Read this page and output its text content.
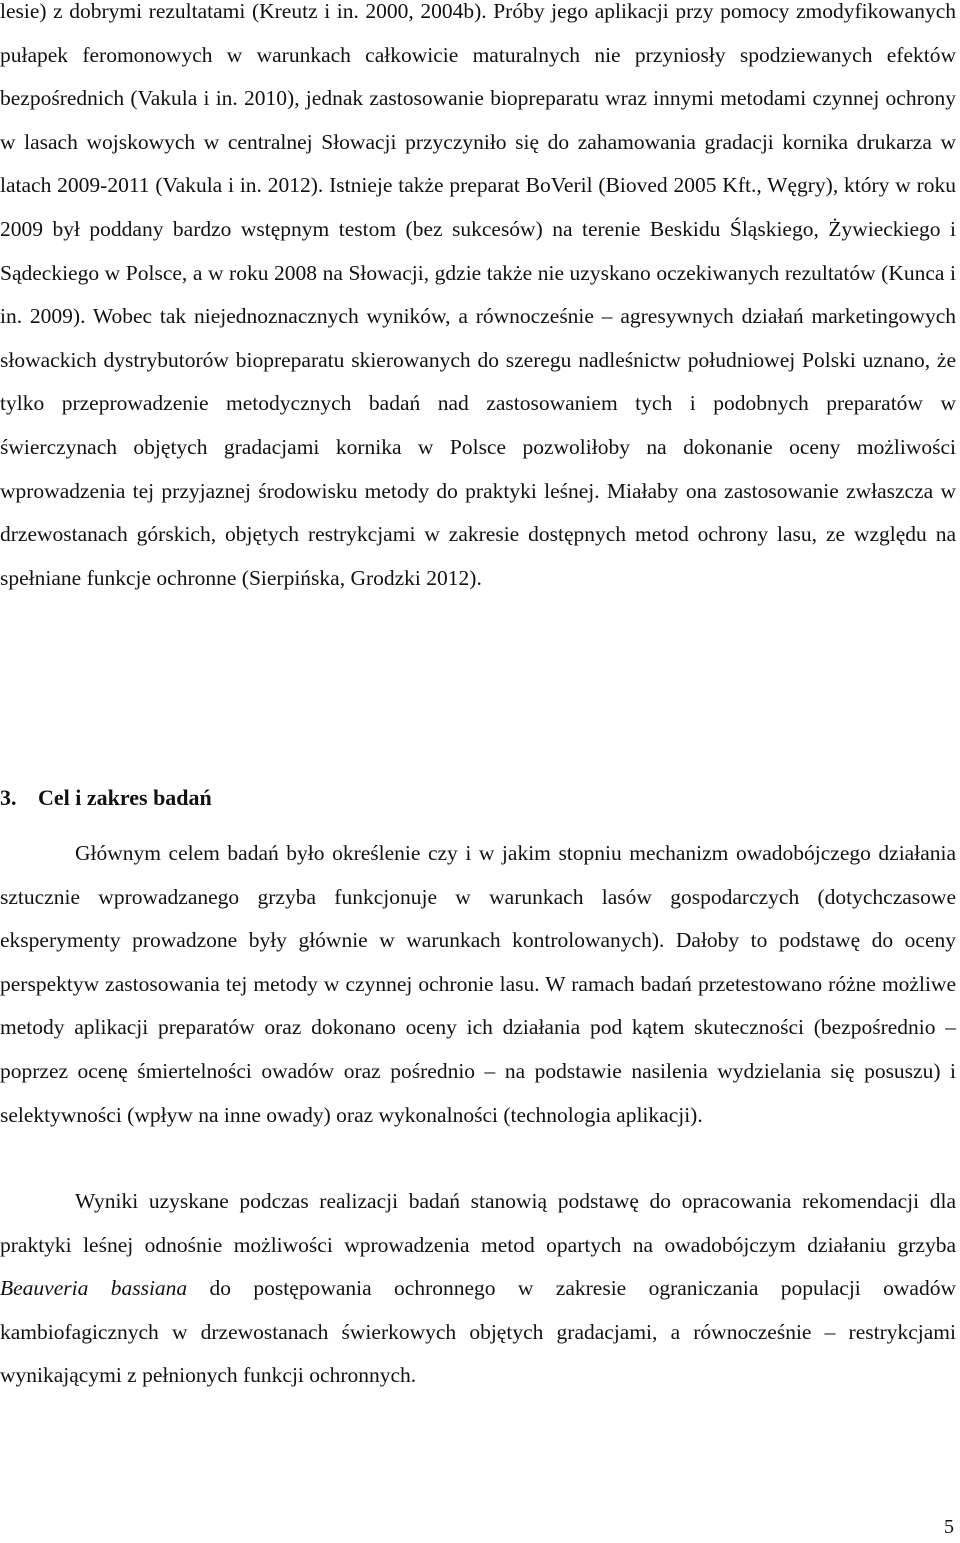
lesie) z dobrymi rezultatami (Kreutz i in. 2000, 2004b). Próby jego aplikacji przy pomocy zmodyfikowanych pułapek feromonowych w warunkach całkowicie maturalnych nie przyniosły spodziewanych efektów bezpośrednich (Vakula i in. 2010), jednak zastosowanie biopreparatu wraz innymi metodami czynnej ochrony w lasach wojskowych w centralnej Słowacji przyczyniło się do zahamowania gradacji kornika drukarza w latach 2009-2011 (Vakula i in. 2012). Istnieje także preparat BoVeril (Bioved 2005 Kft., Węgry), który w roku 2009 był poddany bardzo wstępnym testom (bez sukcesów) na terenie Beskidu Śląskiego, Żywieckiego i Sądeckiego w Polsce, a w roku 2008 na Słowacji, gdzie także nie uzyskano oczekiwanych rezultatów (Kunca i in. 2009). Wobec tak niejednoznacznych wyników, a równocześnie – agresywnych działań marketingowych słowackich dystrybutorów biopreparatu skierowanych do szeregu nadleśnictw południowej Polski uznano, że tylko przeprowadzenie metodycznych badań nad zastosowaniem tych i podobnych preparatów w świerczynach objętych gradacjami kornika w Polsce pozwoliłoby na dokonanie oceny możliwości wprowadzenia tej przyjaznej środowisku metody do praktyki leśnej. Miałaby ona zastosowanie zwłaszcza w drzewostanach górskich, objętych restrykcjami w zakresie dostępnych metod ochrony lasu, ze względu na spełniane funkcje ochronne (Sierpińska, Grodzki 2012).

3. Cel i zakres badań

Głównym celem badań było określenie czy i w jakim stopniu mechanizm owadobójczego działania sztucznie wprowadzanego grzyba funkcjonuje w warunkach lasów gospodarczych (dotychczasowe eksperymenty prowadzone były głównie w warunkach kontrolowanych). Dałoby to podstawę do oceny perspektyw zastosowania tej metody w czynnej ochronie lasu. W ramach badań przetestowano różne możliwe metody aplikacji preparatów oraz dokonano oceny ich działania pod kątem skuteczności (bezpośrednio – poprzez ocenę śmiertelności owadów oraz pośrednio – na podstawie nasilenia wydzielania się posuszu) i selektywności (wpływ na inne owady) oraz wykonalności (technologia aplikacji).

Wyniki uzyskane podczas realizacji badań stanowią podstawę do opracowania rekomendacji dla praktyki leśnej odnośnie możliwości wprowadzenia metod opartych na owadobójczym działaniu grzyba Beauveria bassiana do postępowania ochronnego w zakresie ograniczania populacji owadów kambiofagicznych w drzewostanach świerkowych objętych gradacjami, a równocześnie – restrykcjami wynikającymi z pełnionych funkcji ochronnych.

5
